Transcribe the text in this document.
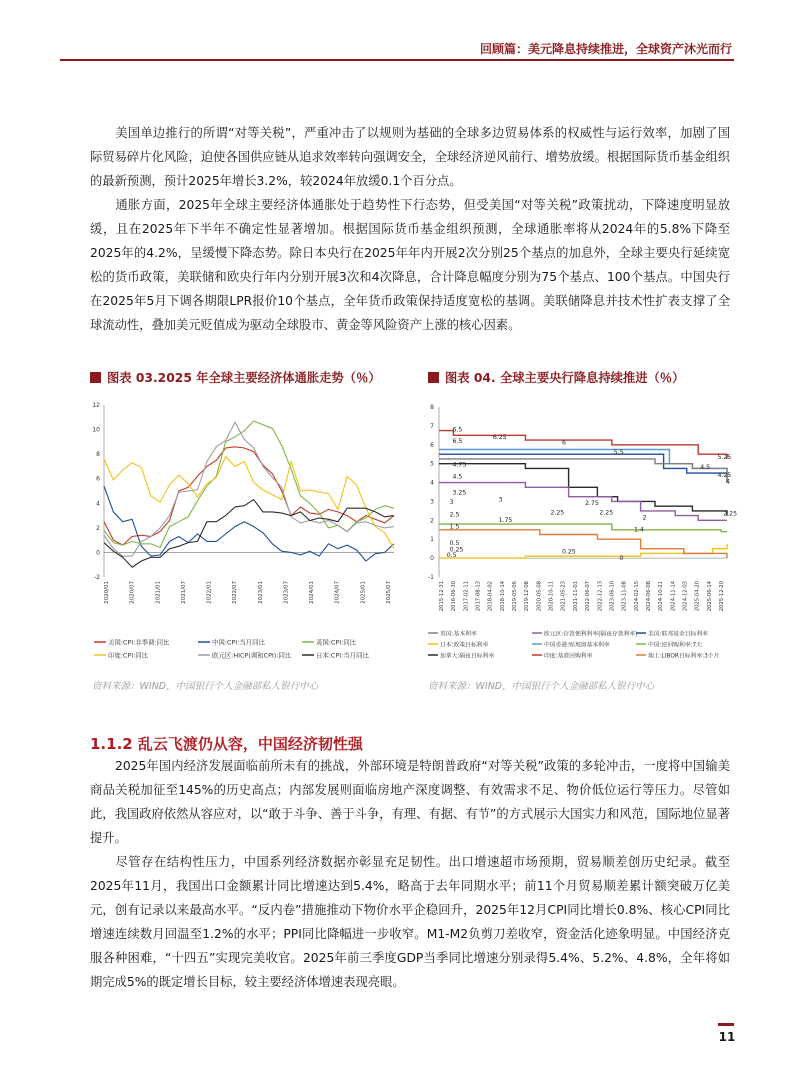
回顾篇：美元降息持续推进，全球资产沐光而行

美国单边推行的所谓“对等关税”，严重冲击了以规则为基础的全球多边贸易体系的权威性与运行效率，加剧了国际贸易碎片化风险，迫使各国供应链从追求效率转向强调安全，全球经济逆风前行、增势放缓。根据国际货币基金组织的最新预测，预计2025年增长3.2%，较2024年放缓0.1个百分点。

通胀方面，2025年全球主要经济体通胀处于趋势性下行态势，但受美国“对等关税”政策扰动，下降速度明显放缓，且在2025年下半年不确定性显著增加。根据国际货币基金组织预测，全球通胀率将从2024年的5.8%下降至2025年的4.2%，呈缓慢下降态势。除日本央行在2025年年内开展2次分别25个基点的加息外，全球主要央行延续宽松的货币政策，美联储和欧央行年内分别开展3次和4次降息，合计降息幅度分别为75个基点、100个基点。中国央行在2025年5月下调各期限LPR报价10个基点，全年货币政策保持适度宽松的基调。美联储降息并技术性扩表支撑了全球流动性，叠加美元贬值成为驱动全球股市、黄金等风险资产上涨的核心因素。

图表 03.2025 年全球主要经济体通胀走势（％）
12
10
8
6
4
2
0
-2
2020/01	2020/07	2021/01	2021/07	2022/01	2022/07	2023/01	2023/07	2024/01	2024/07	2025/01	2025/07
美国:CPI:非季调:同比	中国:CPI:当月同比	英国:CPI:同比
印度:CPI:同比	欧元区:HICP(调和CPI):同比	日本:CPI:当月同比
资料来源：WIND，中国银行个人金融部私人银行中心
图表 04. 全球主要央行降息持续推进（％）
8
7
6
5
4
3
2
1
0
-1
2015-12-31 2016-06-30 2017-02-11 2017-08-13 2018-04-02 2018-10-14 2019-05-06 2019-12-08 2020-05-08 2020-10-11 2021-05-23 2021-11-01 2022-06-07 2022-12-13 2023-06-10 2023-11-08 2024-02-15 2024-06-08 2024-10-21 2024-11-14 2024-12-03 2025-04-20 2025-06-14 2025-12-20
6.5
6.5
6.25
6
5.5
5.25
4.75
4.5
4.5
4.25
4
3.25
3	3
2.75
2.5	2.25	2.25	2.25
2
1.75
1.5	1.4
0.5
0.5
0.25	0.25
0
英国:基本利率	欧元区:存款便利利率(隔夜存款利率) 美国:联邦基金目标利率
日本:政策目标利率	中国香港:贴现窗基本利率	中国:逆回购利率:7天
加拿大:隔夜目标利率	印度:基准回购利率	瑞士:LIBOR目标利率:3个月
资料来源：WIND，中国银行个人金融部私人银行中心
1.1.2 乱云飞渡仍从容，中国经济韧性强

2025年国内经济发展面临前所未有的挑战，外部环境是特朗普政府“对等关税”政策的多轮冲击，一度将中国输美商品关税加征至145%的历史高点；内部发展则面临房地产深度调整、有效需求不足、物价低位运行等压力。尽管如此，我国政府依然从容应对，以“敢于斗争、善于斗争，有理、有据、有节”的方式展示大国实力和风范，国际地位显著提升。

尽管存在结构性压力，中国系列经济数据亦彰显充足韧性。出口增速超市场预期，贸易顺差创历史纪录。截至2025年11月，我国出口金额累计同比增速达到5.4%，略高于去年同期水平；前11个月贸易顺差累计额突破万亿美元，创有记录以来最高水平。“反内卷”措施推动下物价水平企稳回升，2025年12月CPI同比增长0.8%、核心CPI同比增速连续数月回温至1.2%的水平；PPI同比降幅进一步收窄。M1-M2负剪刀差收窄，资金活化迹象明显。中国经济克服各种困难，“十四五”实现完美收官。2025年前三季度GDP当季同比增速分别录得5.4%、5.2%、4.8%，全年将如期完成5%的既定增长目标，较主要经济体增速表现亮眼。

11
